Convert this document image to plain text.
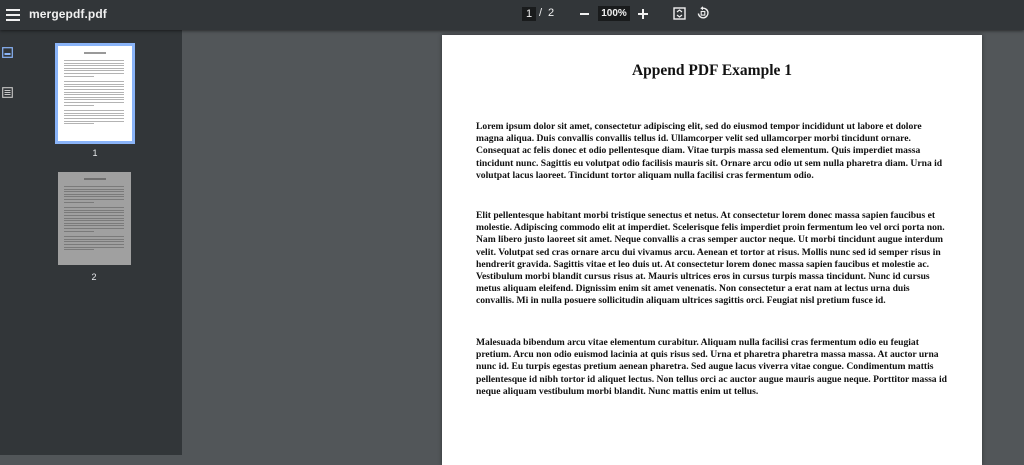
mergepdf.pdf	1 / 2	100%
1
2
Append PDF Example 1

Lorem ipsum dolor sit amet, consectetur adipiscing elit, sed do eiusmod tempor incididunt ut labore et dolore magna aliqua. Duis convallis convallis tellus id. Ullamcorper velit sed ullamcorper morbi tincidunt ornare. Consequat ac felis donec et odio pellentesque diam. Vitae turpis massa sed elementum. Quis imperdiet massa tincidunt nunc. Sagittis eu volutpat odio facilisis mauris sit. Ornare arcu odio ut sem nulla pharetra diam. Urna id volutpat lacus laoreet. Tincidunt tortor aliquam nulla facilisi cras fermentum odio.

Elit pellentesque habitant morbi tristique senectus et netus. At consectetur lorem donec massa sapien faucibus et molestie. Adipiscing commodo elit at imperdiet. Scelerisque felis imperdiet proin fermentum leo vel orci porta non. Nam libero justo laoreet sit amet. Neque convallis a cras semper auctor neque. Ut morbi tincidunt augue interdum velit. Volutpat sed cras ornare arcu dui vivamus arcu. Aenean et tortor at risus. Mollis nunc sed id semper risus in hendrerit gravida. Sagittis vitae et leo duis ut. At consectetur lorem donec massa sapien faucibus et molestie ac. Vestibulum morbi blandit cursus risus at. Mauris ultrices eros in cursus turpis massa tincidunt. Nunc id cursus metus aliquam eleifend. Dignissim enim sit amet venenatis. Non consectetur a erat nam at lectus urna duis convallis. Mi in nulla posuere sollicitudin aliquam ultrices sagittis orci. Feugiat nisl pretium fusce id.

Malesuada bibendum arcu vitae elementum curabitur. Aliquam nulla facilisi cras fermentum odio eu feugiat pretium. Arcu non odio euismod lacinia at quis risus sed. Urna et pharetra pharetra massa massa. At auctor urna nunc id. Eu turpis egestas pretium aenean pharetra. Sed augue lacus viverra vitae congue. Condimentum mattis pellentesque id nibh tortor id aliquet lectus. Non tellus orci ac auctor augue mauris augue neque. Porttitor massa id neque aliquam vestibulum morbi blandit. Nunc mattis enim ut tellus.
